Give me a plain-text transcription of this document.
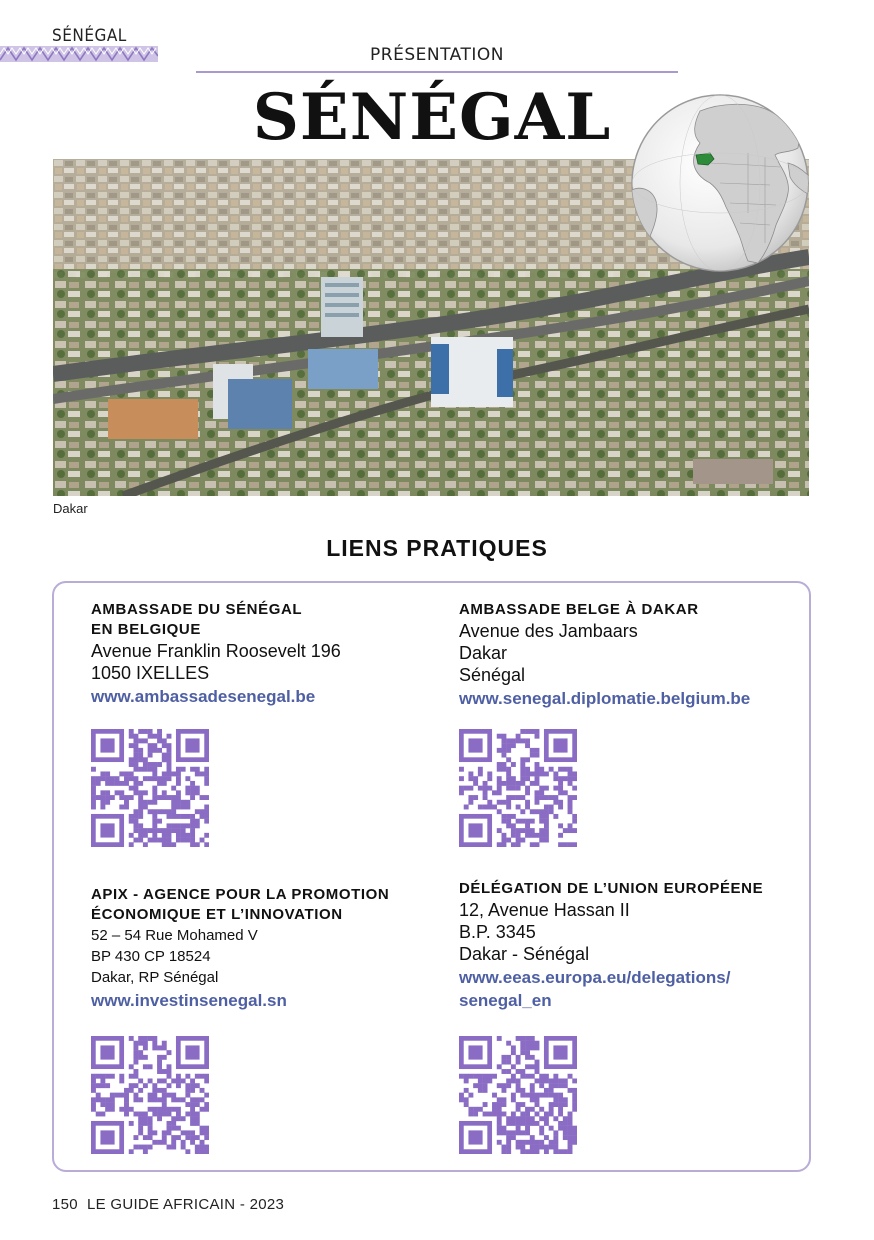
SÉNÉGAL
PRÉSENTATION
SÉNÉGAL
Dakar
LIENS PRATIQUES
AMBASSADE DU SÉNÉGAL
EN BELGIQUE
Avenue Franklin Roosevelt 196
1050 IXELLES
www.ambassadesenegal.be
AMBASSADE BELGE À DAKAR
Avenue des Jambaars
Dakar
Sénégal
www.senegal.diplomatie.belgium.be
APIX - AGENCE POUR LA PROMOTION
ÉCONOMIQUE ET L’INNOVATION
52 – 54 Rue Mohamed V
BP 430 CP 18524
Dakar, RP Sénégal
www.investinsenegal.sn
DÉLÉGATION DE L’UNION EUROPÉENE
12, Avenue Hassan II
B.P. 3345
Dakar - Sénégal
www.eeas.europa.eu/delegations/
senegal_en
150 LE GUIDE AFRICAIN - 2023
